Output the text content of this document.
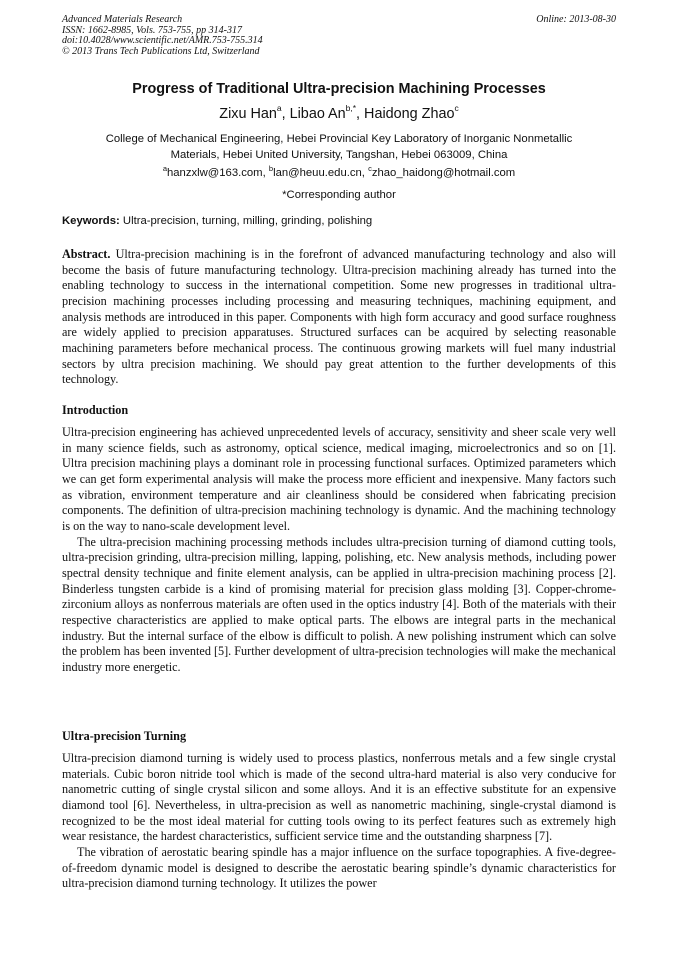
Advanced Materials Research
ISSN: 1662-8985, Vols. 753-755, pp 314-317
doi:10.4028/www.scientific.net/AMR.753-755.314
© 2013 Trans Tech Publications Ltd, Switzerland
Online: 2013-08-30
Progress of Traditional Ultra-precision Machining Processes
Zixu Han$^a$, Libao $An^{b,*}$, Haidong Zhao$^c$
College of Mechanical Engineering, Hebei Provincial Key Laboratory of Inorganic Nonmetallic
Materials, Hebei United University, Tangshan, Hebei 063009, China
$^a$hanzxlw@163.com, $^b$lan@heuu.edu.cn, $^c$zhao_haidong@hotmail.com
*Corresponding author
Keywords: Ultra-precision, turning, milling, grinding, polishing

Abstract. Ultra-precision machining is in the forefront of advanced manufacturing technology and also will become the basis of future manufacturing technology. Ultra-precision machining already has turned into the enabling technology to success in the international competition. Some new progresses in traditional ultra-precision machining processes including processing and measuring techniques, machining equipment, and analysis methods are introduced in this paper. Components with high form accuracy and good surface roughness are widely applied to precision apparatuses. Structured surfaces can be acquired by selecting reasonable machining parameters before mechanical process. The continuous growing markets will fuel many industrial sectors by ultra precision machining. We should pay great attention to the further developments of this technology.

Introduction

Ultra-precision engineering has achieved unprecedented levels of accuracy, sensitivity and sheer scale very well in many science fields, such as astronomy, optical science, medical imaging, microelectronics and so on [1]. Ultra precision machining plays a dominant role in processing functional surfaces. Optimized parameters which we can get form experimental analysis will make the process more efficient and inexpensive. Many factors such as vibration, environment temperature and air cleanliness should be considered when fabricating precision components. The definition of ultra-precision machining technology is dynamic. And the machining technology is on the way to nano-scale development level.

The ultra-precision machining processing methods includes ultra-precision turning of diamond cutting tools, ultra-precision grinding, ultra-precision milling, lapping, polishing, etc. New analysis methods, including power spectral density technique and finite element analysis, can be applied in ultra-precision machining process [2]. Binderless tungsten carbide is a kind of promising material for precision glass molding [3]. Copper-chrome-zirconium alloys as nonferrous materials are often used in the optics industry [4]. Both of the materials with their respective characteristics are applied to make optical parts. The elbows are integral parts in the mechanical industry. But the internal surface of the elbow is difficult to polish. A new polishing instrument which can solve the problem has been invented [5]. Further development of ultra-precision technologies will make the mechanical industry more energetic.

Ultra-precision Turning

Ultra-precision diamond turning is widely used to process plastics, nonferrous metals and a few single crystal materials. Cubic boron nitride tool which is made of the second ultra-hard material is also very conducive for nanometric cutting of single crystal silicon and some alloys. And it is an effective substitute for an expensive diamond tool [6]. Nevertheless, in ultra-precision as well as nanometric machining, single-crystal diamond is recognized to be the most ideal material for cutting tools owing to its perfect features such as extremely high wear resistance, the hardest characteristics, sufficient service time and the outstanding sharpness [7].

The vibration of aerostatic bearing spindle has a major influence on the surface topographies. A five-degree-of-freedom dynamic model is designed to describe the aerostatic bearing spindle’s dynamic characteristics for ultra-precision diamond turning technology. It utilizes the power
